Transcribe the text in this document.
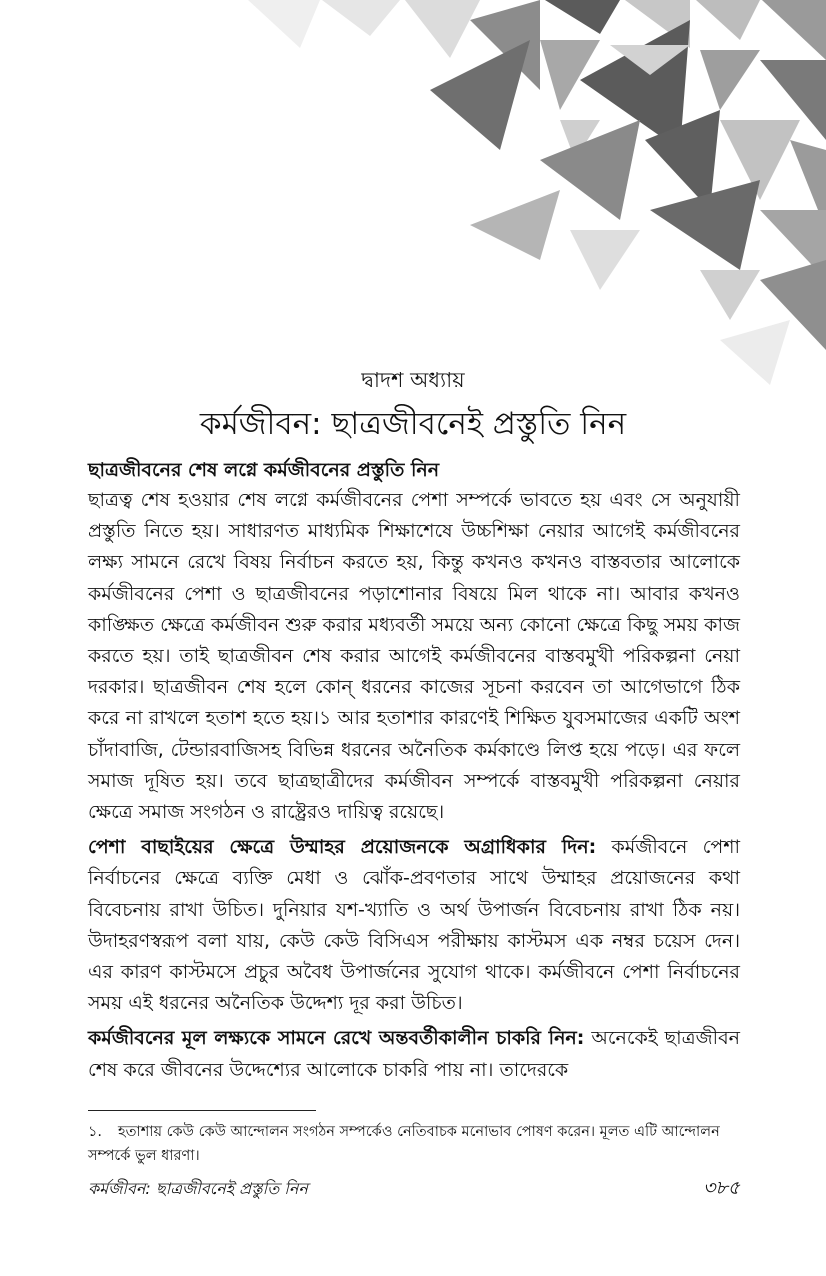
দ্বাদশ অধ্যায়
কর্মজীবন: ছাত্রজীবনেই প্রস্তুতি নিন

ছাত্রজীবনের শেষ লগ্নে কর্মজীবনের প্রস্তুতি নিন

ছাত্রত্ব শেষ হওয়ার শেষ লগ্নে কর্মজীবনের পেশা সম্পর্কে ভাবতে হয় এবং সে অনুযায়ী প্রস্তুতি নিতে হয়। সাধারণত মাধ্যমিক শিক্ষাশেষে উচ্চশিক্ষা নেয়ার আগেই কর্মজীবনের লক্ষ্য সামনে রেখে বিষয় নির্বাচন করতে হয়, কিন্তু কখনও কখনও বাস্তবতার আলোকে কর্মজীবনের পেশা ও ছাত্রজীবনের পড়াশোনার বিষয়ে মিল থাকে না। আবার কখনও কাঙ্ক্ষিত ক্ষেত্রে কর্মজীবন শুরু করার মধ্যবর্তী সময়ে অন্য কোনো ক্ষেত্রে কিছু সময় কাজ করতে হয়। তাই ছাত্রজীবন শেষ করার আগেই কর্মজীবনের বাস্তবমুখী পরিকল্পনা নেয়া দরকার। ছাত্রজীবন শেষ হলে কোন্ ধরনের কাজের সূচনা করবেন তা আগেভাগে ঠিক করে না রাখলে হতাশ হতে হয়।১ আর হতাশার কারণেই শিক্ষিত যুবসমাজের একটি অংশ চাঁদাবাজি, টেন্ডারবাজিসহ বিভিন্ন ধরনের অনৈতিক কর্মকাণ্ডে লিপ্ত হয়ে পড়ে। এর ফলে সমাজ দূষিত হয়। তবে ছাত্রছাত্রীদের কর্মজীবন সম্পর্কে বাস্তবমুখী পরিকল্পনা নেয়ার ক্ষেত্রে সমাজ সংগঠন ও রাষ্ট্রেরও দায়িত্ব রয়েছে।

পেশা বাছাইয়ের ক্ষেত্রে উম্মাহর প্রয়োজনকে অগ্রাধিকার দিন: কর্মজীবনে পেশা নির্বাচনের ক্ষেত্রে ব্যক্তি মেধা ও ঝোঁক-প্রবণতার সাথে উম্মাহর প্রয়োজনের কথা বিবেচনায় রাখা উচিত। দুনিয়ার যশ-খ্যাতি ও অর্থ উপার্জন বিবেচনায় রাখা ঠিক নয়। উদাহরণস্বরূপ বলা যায়, কেউ কেউ বিসিএস পরীক্ষায় কাস্টমস এক নম্বর চয়েস দেন। এর কারণ কাস্টমসে প্রচুর অবৈধ উপার্জনের সুযোগ থাকে। কর্মজীবনে পেশা নির্বাচনের সময় এই ধরনের অনৈতিক উদ্দেশ্য দূর করা উচিত।

কর্মজীবনের মূল লক্ষ্যকে সামনে রেখে অন্তবর্তীকালীন চাকরি নিন: অনেকেই ছাত্রজীবন শেষ করে জীবনের উদ্দেশ্যের আলোকে চাকরি পায় না। তাদেরকে

১. হতাশায় কেউ কেউ আন্দোলন সংগঠন সম্পর্কেও নেতিবাচক মনোভাব পোষণ করেন। মূলত এটি আন্দোলন সম্পর্কে ভুল ধারণা।
কর্মজীবন: ছাত্রজীবনেই প্রস্তুতি নিন	৩৮৫
